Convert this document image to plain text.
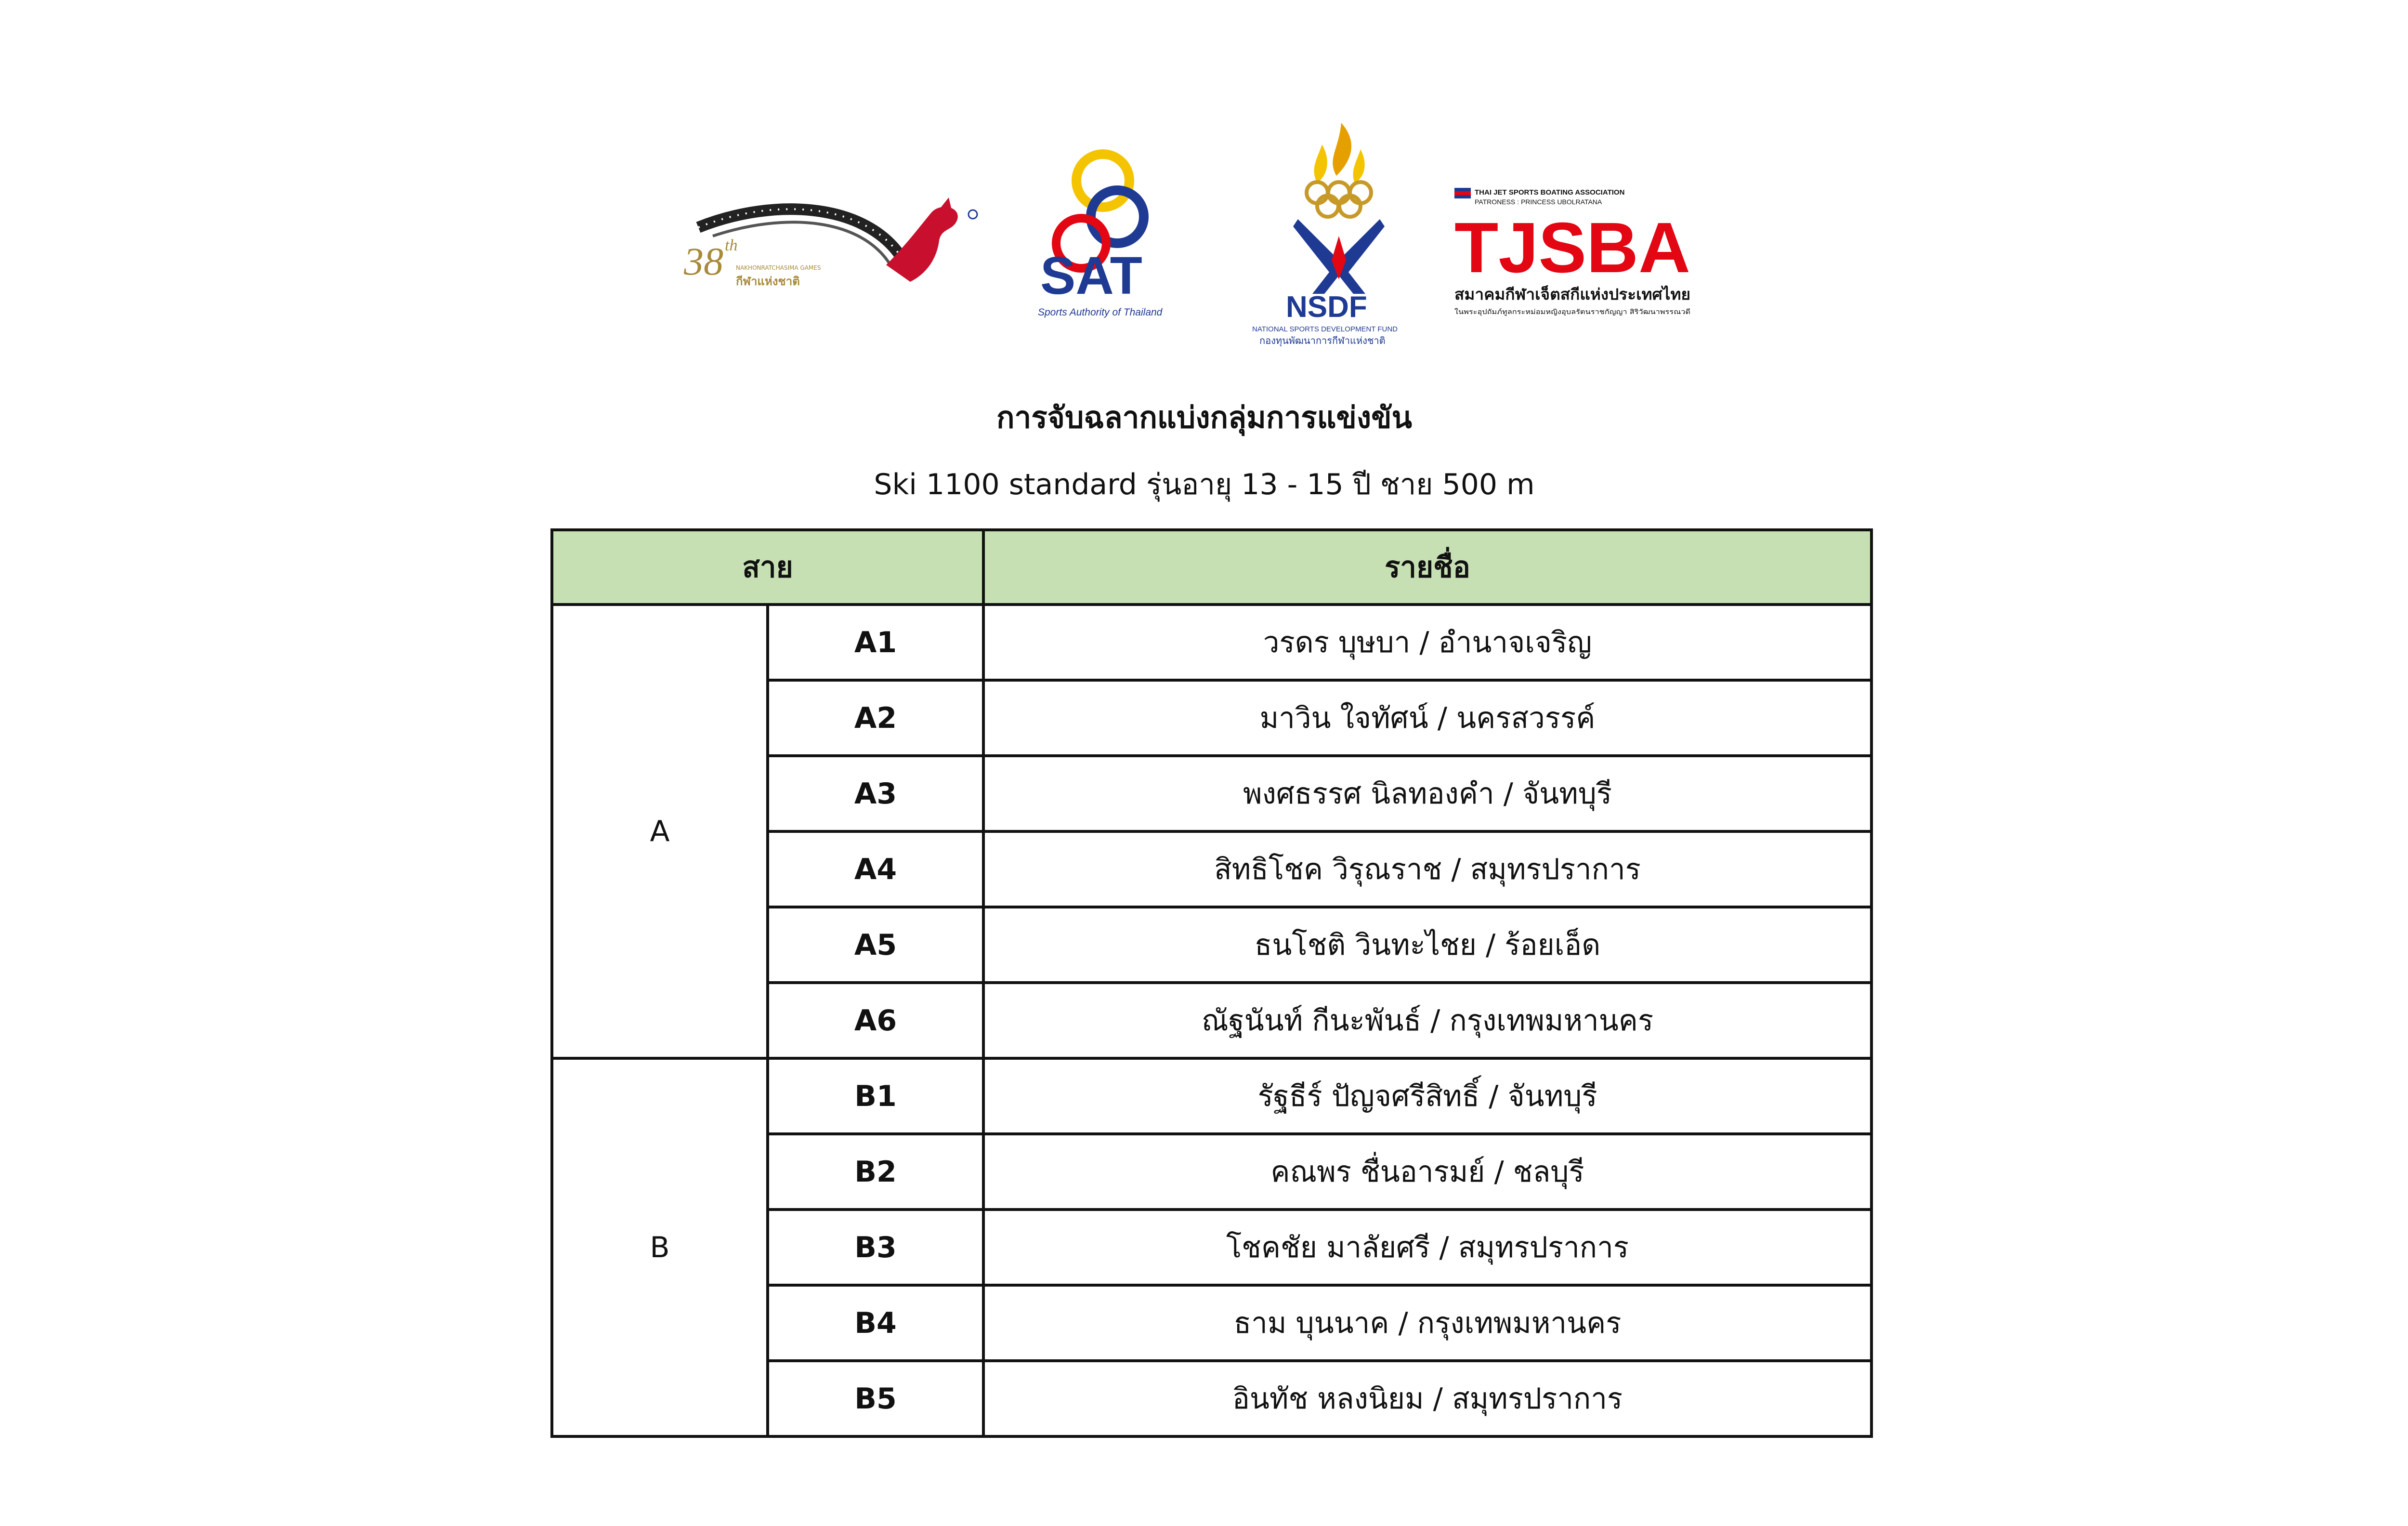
38 th
NAKHONRATCHASIMA GAMES
กีฬาแห่งชาติ	SAT
Sports Authority of Thailand	NSDF
NATIONAL SPORTS DEVELOPMENT FUND
กองทุนพัฒนาการกีฬาแห่งชาติ
THAI JET SPORTS BOATING ASSOCIATION
PATRONESS : PRINCESS UBOLRATANA
TJSBA
สมาคมกีฬาเจ็ตสกีแห่งประเทศไทย
ในพระอุปถัมภ์ทูลกระหม่อมหญิงอุบลรัตนราชกัญญา สิริวัฒนาพรรณวดี
การจับฉลากแบ่งกลุ่มการแข่งขัน
Ski 1100 standard รุ่นอายุ 13 - 15 ปี ชาย 500 m
สาย		รายชื่อ
A	A1	วรดร บุษบา / อำนาจเจริญ
	A2	มาวิน ใจทัศน์ / นครสวรรค์
	A3	พงศธรรศ นิลทองคำ / จันทบุรี
	A4	สิทธิโชค วิรุณราช / สมุทรปราการ
	A5	ธนโชติ วินทะไชย / ร้อยเอ็ด
	A6	ณัฐนันท์ กีนะพันธ์ / กรุงเทพมหานคร
B	B1	รัฐธีร์ ปัญจศรีสิทธิ์ / จันทบุรี
	B2	คณพร ชื่นอารมย์ / ชลบุรี
	B3	โชคชัย มาลัยศรี / สมุทรปราการ
	B4	ธาม บุนนาค / กรุงเทพมหานคร
	B5	อินทัช หลงนิยม / สมุทรปราการ
